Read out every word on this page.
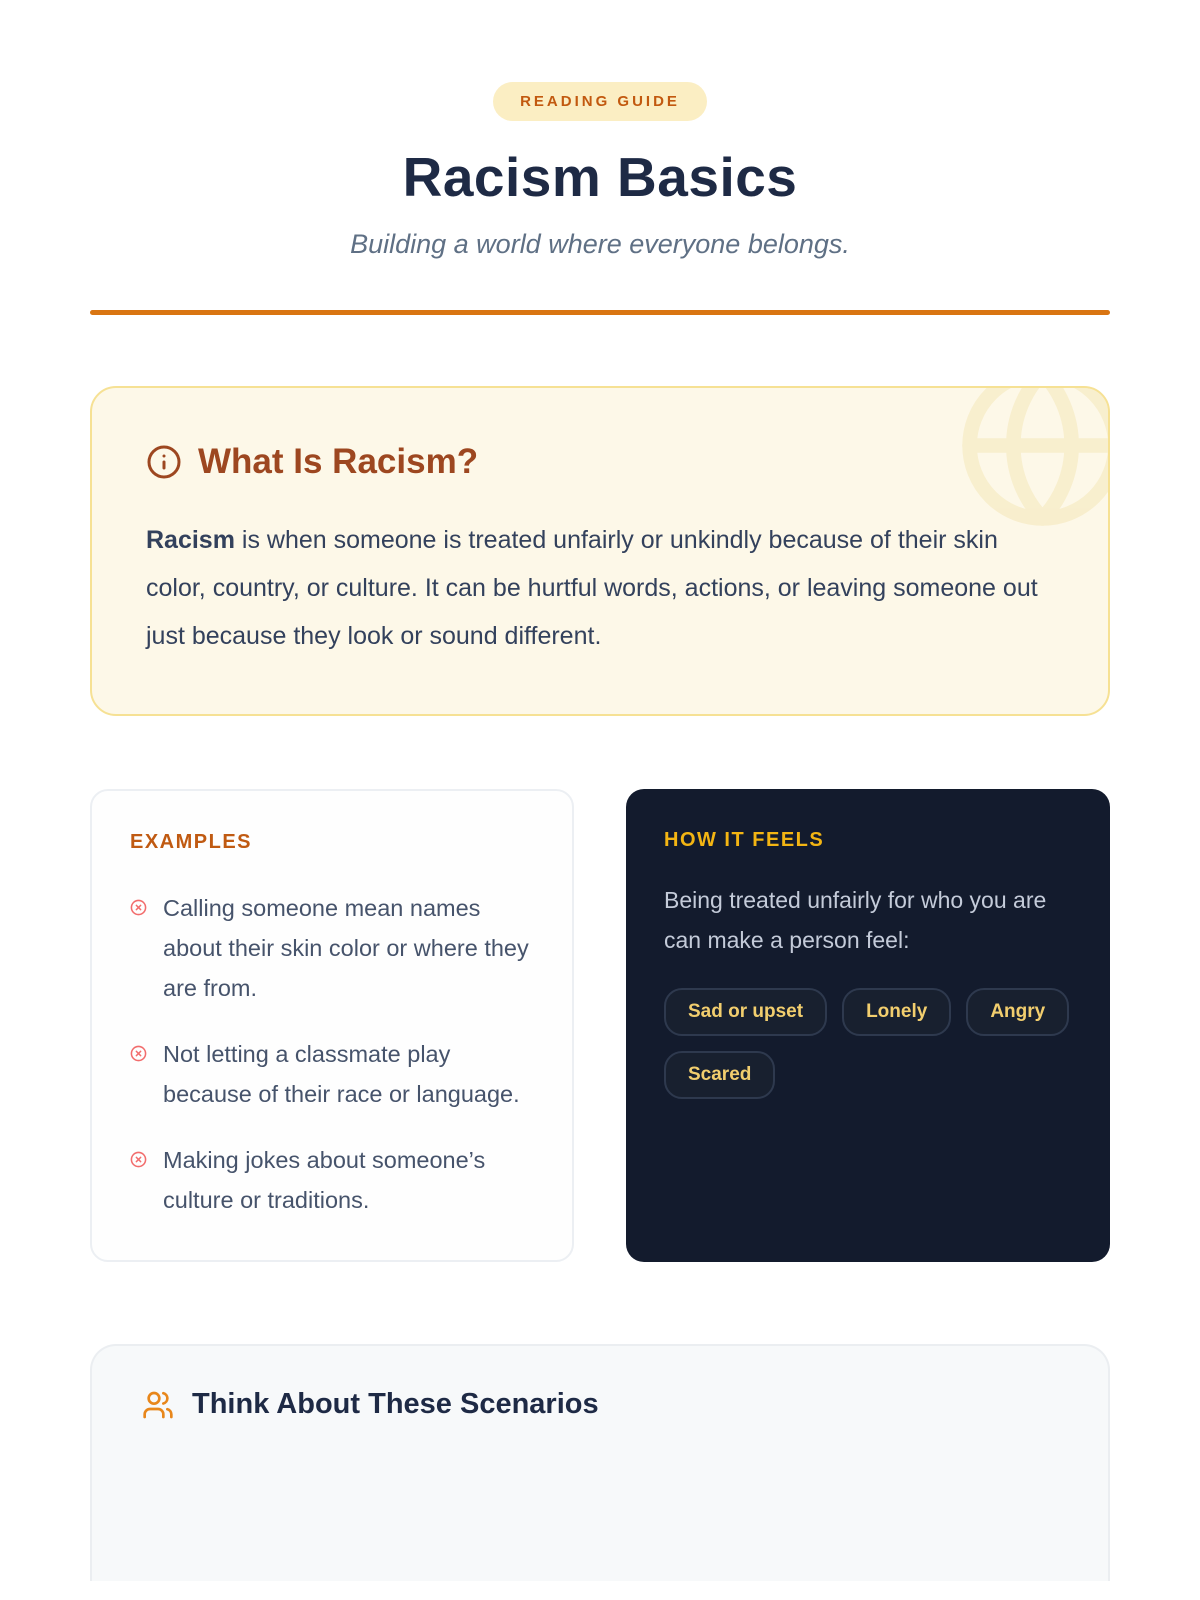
READING GUIDE
Racism Basics

Building a world where everyone belongs.

What Is Racism?

Racism is when someone is treated unfairly or unkindly because of their skin color, country, or culture. It can be hurtful words, actions, or leaving someone out just because they look or sound different.

EXAMPLES
Calling someone mean names about their skin color or where they are from.
Not letting a classmate play because of their race or language.
Making jokes about someone’s culture or traditions.
HOW IT FEELS

Being treated unfairly for who you are can make a person feel:

Sad or upset	Lonely	Angry
Scared
Think About These Scenarios
